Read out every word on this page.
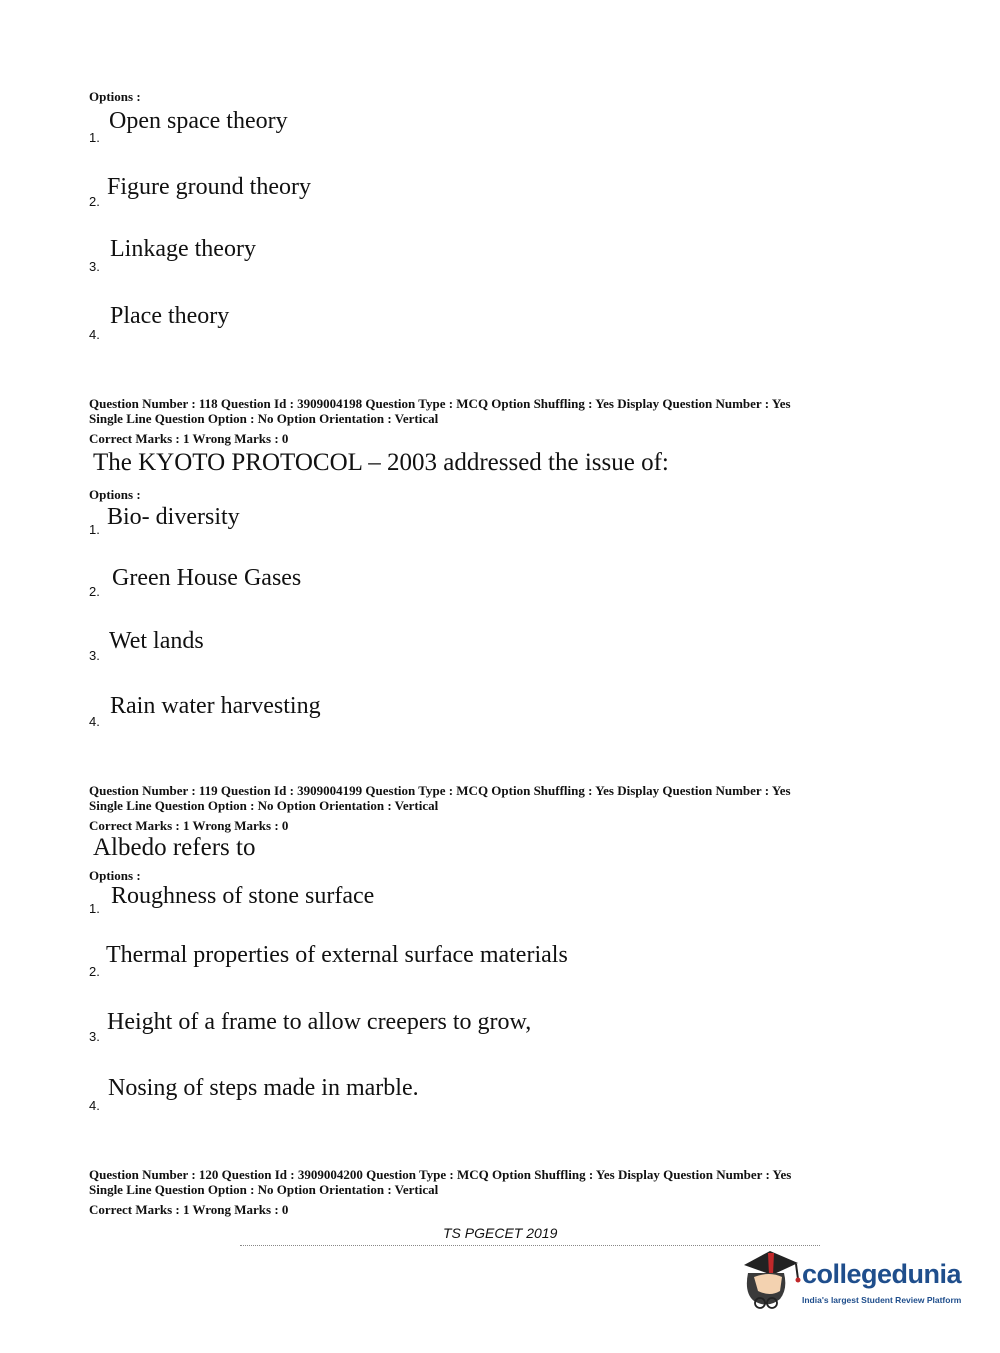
Options :
1.
Open space theory
2.
Figure ground theory
3.
Linkage theory
4.
Place theory
Question Number : 118 Question Id : 3909004198 Question Type : MCQ Option Shuffling : Yes Display Question Number : Yes
Single Line Question Option : No Option Orientation : Vertical
Correct Marks : 1 Wrong Marks : 0
The KYOTO PROTOCOL – 2003 addressed the issue of:
Options :
1. Bio- diversity
2.
Green House Gases
3.
Wet lands
4.
Rain water harvesting
Question Number : 119 Question Id : 3909004199 Question Type : MCQ Option Shuffling : Yes Display Question Number : Yes
Single Line Question Option : No Option Orientation : Vertical
Correct Marks : 1 Wrong Marks : 0
Albedo refers to
Options :
1. Roughness of stone surface
2.
Thermal properties of external surface materials
3.
Height of a frame to allow creepers to grow,
4.
Nosing of steps made in marble.
Question Number : 120 Question Id : 3909004200 Question Type : MCQ Option Shuffling : Yes Display Question Number : Yes
Single Line Question Option : No Option Orientation : Vertical
Correct Marks : 1 Wrong Marks : 0
TS PGECET 2019
collegedunia
India's largest Student Review Platform
